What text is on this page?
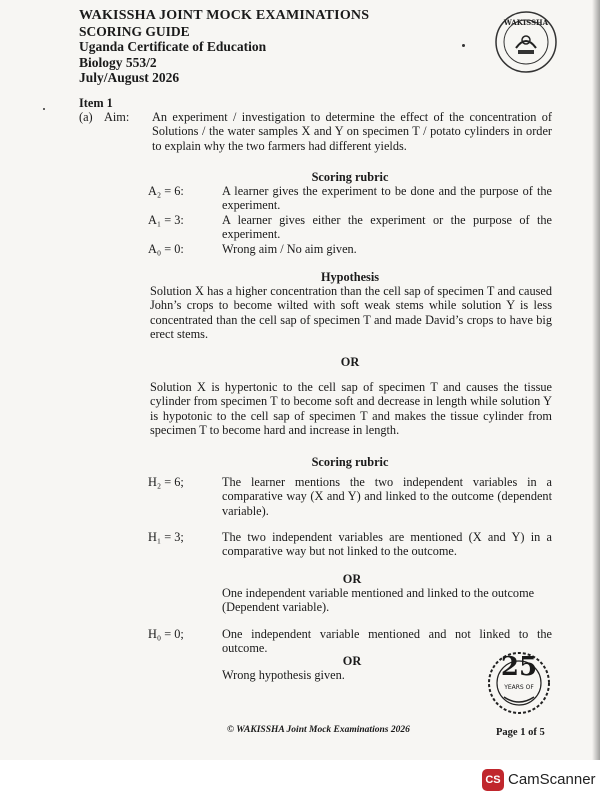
WAKISSHA JOINT MOCK EXAMINATIONS
SCORING GUIDE
Uganda Certificate of Education
Biology 553/2
July/August 2026
WAKISSHA
Item 1
(a) Aim: An experiment / investigation to determine the effect of the concentration of Solutions / the water samples X and Y on specimen T / potato cylinders in order to explain why the two farmers had different yields.
Scoring rubric
A₂ = 6:	A learner gives the experiment to be done and the purpose of the experiment.
A₁ = 3:	A learner gives either the experiment or the purpose of the experiment.
A₀ = 0:	Wrong aim / No aim given.
Hypothesis
Solution X has a higher concentration than the cell sap of specimen T and caused John’s crops to become wilted with soft weak stems while solution Y is less concentrated than the cell sap of specimen T and made David’s crops to have big erect stems.
OR
Solution X is hypertonic to the cell sap of specimen T and causes the tissue cylinder from specimen T to become soft and decrease in length while solution Y is hypotonic to the cell sap of specimen T and makes the tissue cylinder from specimen T to become hard and increase in length.
Scoring rubric
H₂ = 6;	The learner mentions the two independent variables in a comparative way (X and Y) and linked to the outcome (dependent variable).
H₁ = 3;	The two independent variables are mentioned (X and Y) in a comparative way but not linked to the outcome.
OR
One independent variable mentioned and linked to the outcome (Dependent variable).
H₀ = 0;	One independent variable mentioned and not linked to the outcome.
OR
Wrong hypothesis given.	25
YEARS OF
© WAKISSHA Joint Mock Examinations 2026	Page 1 of 5
CS CamScanner
